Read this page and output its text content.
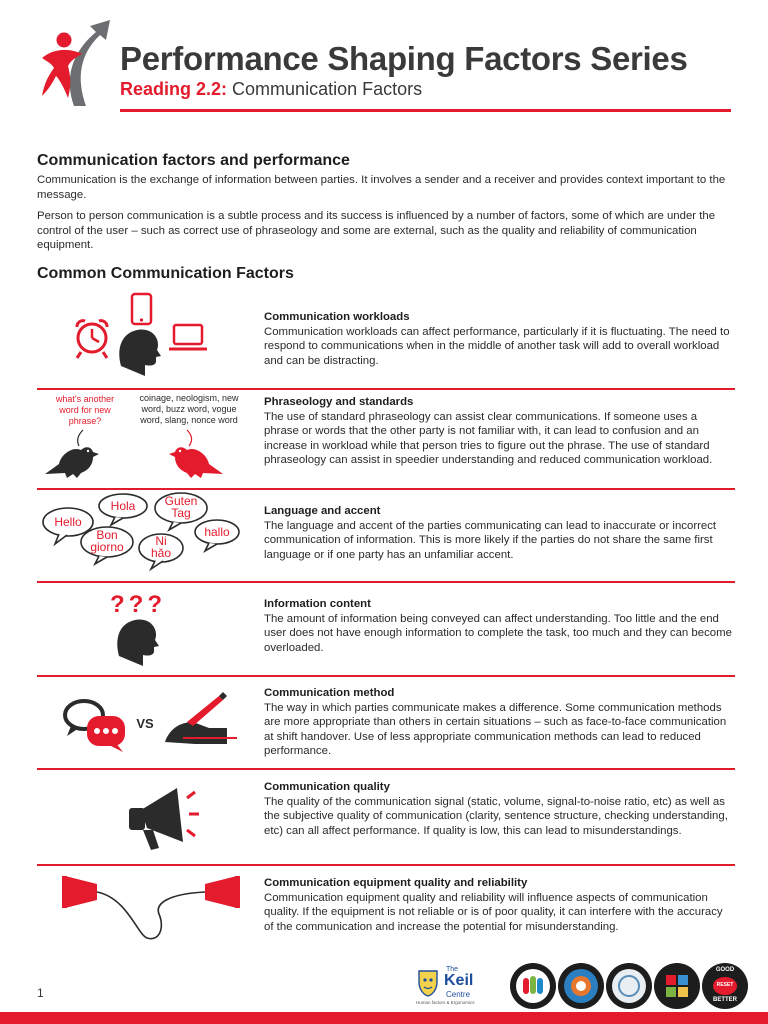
Performance Shaping Factors Series
Reading 2.2: Communication Factors
Communication factors and performance

Communication is the exchange of information between parties. It involves a sender and a receiver and provides context important to the message.

Person to person communication is a subtle process and its success is influenced by a number of factors, some of which are under the control of the user – such as correct use of phraseology and some are external, such as the quality and reliability of communication equipment.

Common Communication Factors
Communication workloads

Communication workloads can affect performance, particularly if it is fluctuating. The need to respond to communications when in the middle of another task will add to overall workload and can be distracting.

what's another
word for new
phrase?
coinage, neologism, new
word, buzz word, vogue
word, slang, nonce word
Phraseology and standards

The use of standard phraseology can assist clear communications. If someone uses a phrase or words that the other party is not familiar with, it can lead to confusion and an increase in workload while that person tries to figure out the phrase. The use of standard phraseology can assist in speedier understanding and reduced communication workload.

Hello
Hola Guten
Tag
Bon
giorno	Ni
hǎo
hallo
Language and accent

The language and accent of the parties communicating can lead to inaccurate or incorrect communication of information. This is more likely if the parties do not share the same first language or if one party has an unfamiliar accent.

???	Information content

The amount of information being conveyed can affect understanding. Too little and the end user does not have enough information to complete the task, too much and they can become overloaded.

VS
Communication method

The way in which parties communicate makes a difference. Some communication methods are more appropriate than others in certain situations – such as face-to-face communication at shift handover. Use of less appropriate communication methods can lead to reduced performance.

Communication quality

The quality of the communication signal (static, volume, signal-to-noise ratio, etc) as well as the subjective quality of communication (clarity, sentence structure, checking understanding, etc) can all affect performance. If quality is low, this can lead to misunderstandings.

Communication equipment quality and reliability

Communication equipment quality and reliability will influence aspects of communication quality. If the equipment is not reliable or is of poor quality, it can interfere with the accuracy of the communication and increase the potential for misunderstanding.

1
The
Keil
Centre
Human factors & Ergonomics
GOOD
RESET
BETTER
